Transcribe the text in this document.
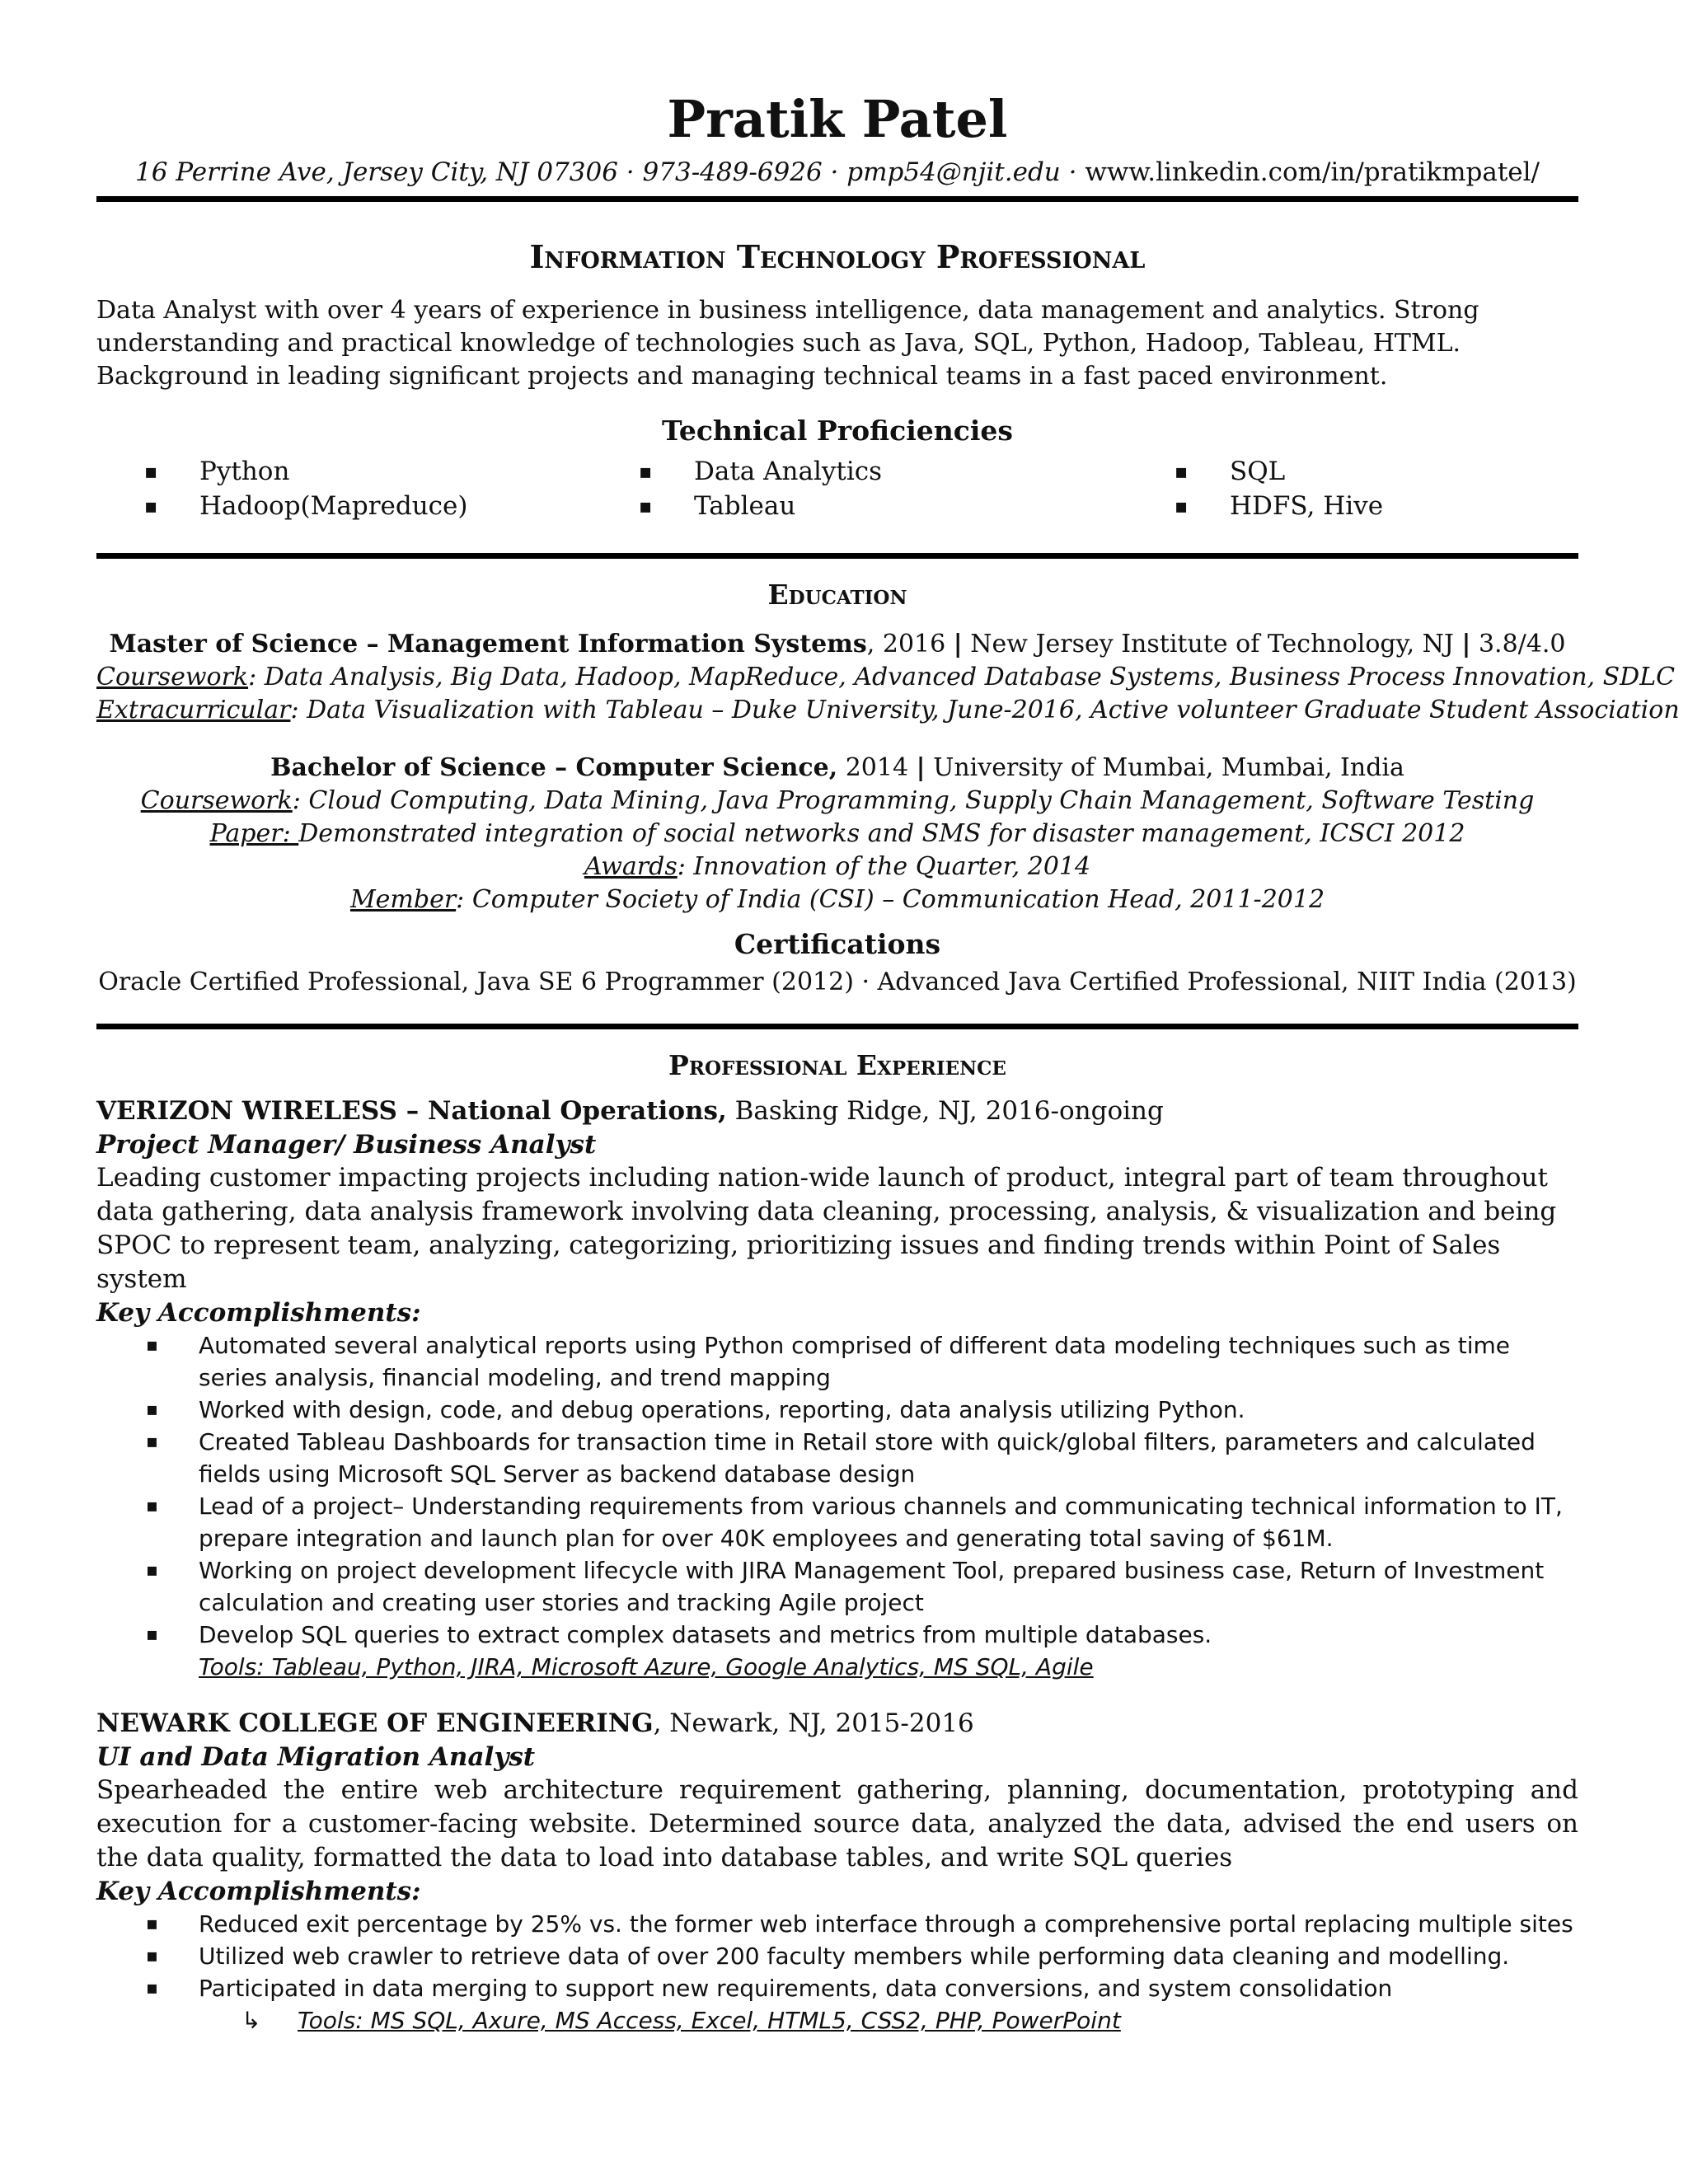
Pratik Patel
16 Perrine Ave, Jersey City, NJ 07306 · 973-489-6926 · pmp54@njit.edu · www.linkedin.com/in/pratikmpatel/
Information Technology Professional
Data Analyst with over 4 years of experience in business intelligence, data management and analytics. Strong understanding and practical knowledge of technologies such as Java, SQL, Python, Hadoop, Tableau, HTML. Background in leading significant projects and managing technical teams in a fast paced environment.
Technical Proficiencies
▪ Python
▪ Hadoop(Mapreduce)
▪ Data Analytics
▪ Tableau
▪ SQL
▪ HDFS, Hive
Education
Master of Science – Management Information Systems, 2016 | New Jersey Institute of Technology, NJ | 3.8/4.0
Coursework: Data Analysis, Big Data, Hadoop, MapReduce, Advanced Database Systems, Business Process Innovation, SDLC
Extracurricular: Data Visualization with Tableau – Duke University, June-2016, Active volunteer Graduate Student Association
Bachelor of Science – Computer Science, 2014 | University of Mumbai, Mumbai, India
Coursework: Cloud Computing, Data Mining, Java Programming, Supply Chain Management, Software Testing
Paper: Demonstrated integration of social networks and SMS for disaster management, ICSCI 2012
Awards: Innovation of the Quarter, 2014
Member: Computer Society of India (CSI) – Communication Head, 2011-2012
Certifications
Oracle Certified Professional, Java SE 6 Programmer (2012) · Advanced Java Certified Professional, NIIT India (2013)
Professional Experience
VERIZON WIRELESS – National Operations, Basking Ridge, NJ, 2016-ongoing
Project Manager/ Business Analyst
Leading customer impacting projects including nation-wide launch of product, integral part of team throughout data gathering, data analysis framework involving data cleaning, processing, analysis, & visualization and being SPOC to represent team, analyzing, categorizing, prioritizing issues and finding trends within Point of Sales system
Key Accomplishments:
▪ Automated several analytical reports using Python comprised of different data modeling techniques such as time series analysis, financial modeling, and trend mapping
▪ Worked with design, code, and debug operations, reporting, data analysis utilizing Python.
▪ Created Tableau Dashboards for transaction time in Retail store with quick/global filters, parameters and calculated fields using Microsoft SQL Server as backend database design
▪ Lead of a project– Understanding requirements from various channels and communicating technical information to IT, prepare integration and launch plan for over 40K employees and generating total saving of $61M.
▪ Working on project development lifecycle with JIRA Management Tool, prepared business case, Return of Investment calculation and creating user stories and tracking Agile project
▪ Develop SQL queries to extract complex datasets and metrics from multiple databases.
Tools: Tableau, Python, JIRA, Microsoft Azure, Google Analytics, MS SQL, Agile
NEWARK COLLEGE OF ENGINEERING, Newark, NJ, 2015-2016
UI and Data Migration Analyst
Spearheaded the entire web architecture requirement gathering, planning, documentation, prototyping and execution for a customer-facing website. Determined source data, analyzed the data, advised the end users on the data quality, formatted the data to load into database tables, and write SQL queries
Key Accomplishments:
▪ Reduced exit percentage by 25% vs. the former web interface through a comprehensive portal replacing multiple sites
▪ Utilized web crawler to retrieve data of over 200 faculty members while performing data cleaning and modelling.
▪ Participated in data merging to support new requirements, data conversions, and system consolidation
↳ Tools: MS SQL, Axure, MS Access, Excel, HTML5, CSS2, PHP, PowerPoint
